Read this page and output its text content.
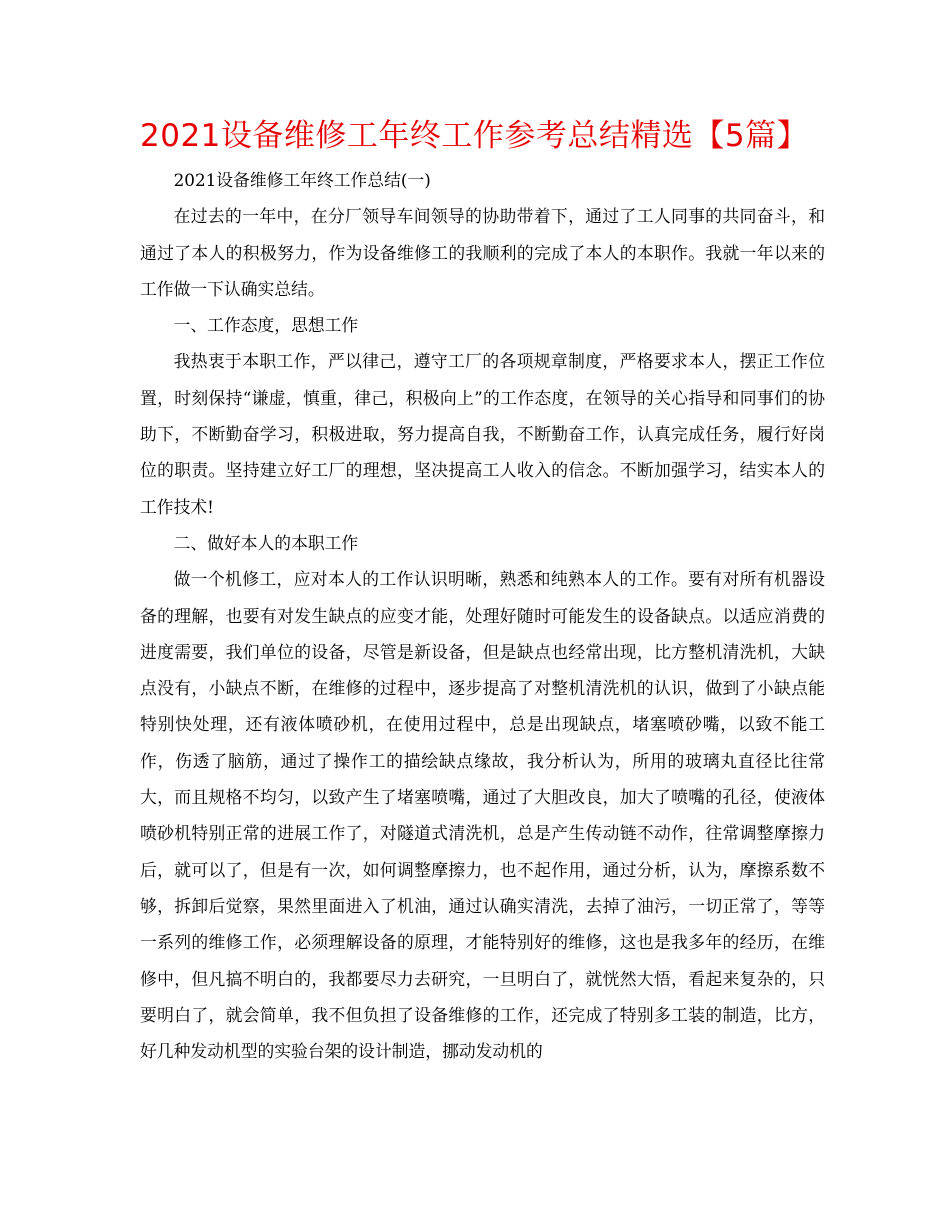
2021设备维修工年终工作参考总结精选【5篇】

2021设备维修工年终工作总结(一)

在过去的一年中，在分厂领导车间领导的协助带着下，通过了工人同事的共同奋斗，和通过了本人的积极努力，作为设备维修工的我顺利的完成了本人的本职作。我就一年以来的工作做一下认确实总结。

一、工作态度，思想工作

我热衷于本职工作，严以律己，遵守工厂的各项规章制度，严格要求本人，摆正工作位置，时刻保持“谦虚，慎重，律己，积极向上”的工作态度，在领导的关心指导和同事们的协助下，不断勤奋学习，积极进取，努力提高自我，不断勤奋工作，认真完成任务，履行好岗位的职责。坚持建立好工厂的理想，坚决提高工人收入的信念。不断加强学习，结实本人的工作技术!

二、做好本人的本职工作

做一个机修工，应对本人的工作认识明晰，熟悉和纯熟本人的工作。要有对所有机器设备的理解，也要有对发生缺点的应变才能，处理好随时可能发生的设备缺点。以适应消费的进度需要，我们单位的设备，尽管是新设备，但是缺点也经常出现，比方整机清洗机，大缺点没有，小缺点不断，在维修的过程中，逐步提高了对整机清洗机的认识，做到了小缺点能特别快处理，还有液体喷砂机，在使用过程中，总是出现缺点，堵塞喷砂嘴，以致不能工作，伤透了脑筋，通过了操作工的描绘缺点缘故，我分析认为，所用的玻璃丸直径比往常大，而且规格不均匀，以致产生了堵塞喷嘴，通过了大胆改良，加大了喷嘴的孔径，使液体喷砂机特别正常的进展工作了，对隧道式清洗机，总是产生传动链不动作，往常调整摩擦力后，就可以了，但是有一次，如何调整摩擦力，也不起作用，通过分析，认为，摩擦系数不够，拆卸后觉察，果然里面进入了机油，通过认确实清洗，去掉了油污，一切正常了，等等一系列的维修工作，必须理解设备的原理，才能特别好的维修，这也是我多年的经历，在维修中，但凡搞不明白的，我都要尽力去研究，一旦明白了，就恍然大悟，看起来复杂的，只要明白了，就会简单，我不但负担了设备维修的工作，还完成了特别多工装的制造，比方，好几种发动机型的实验台架的设计制造，挪动发动机的
